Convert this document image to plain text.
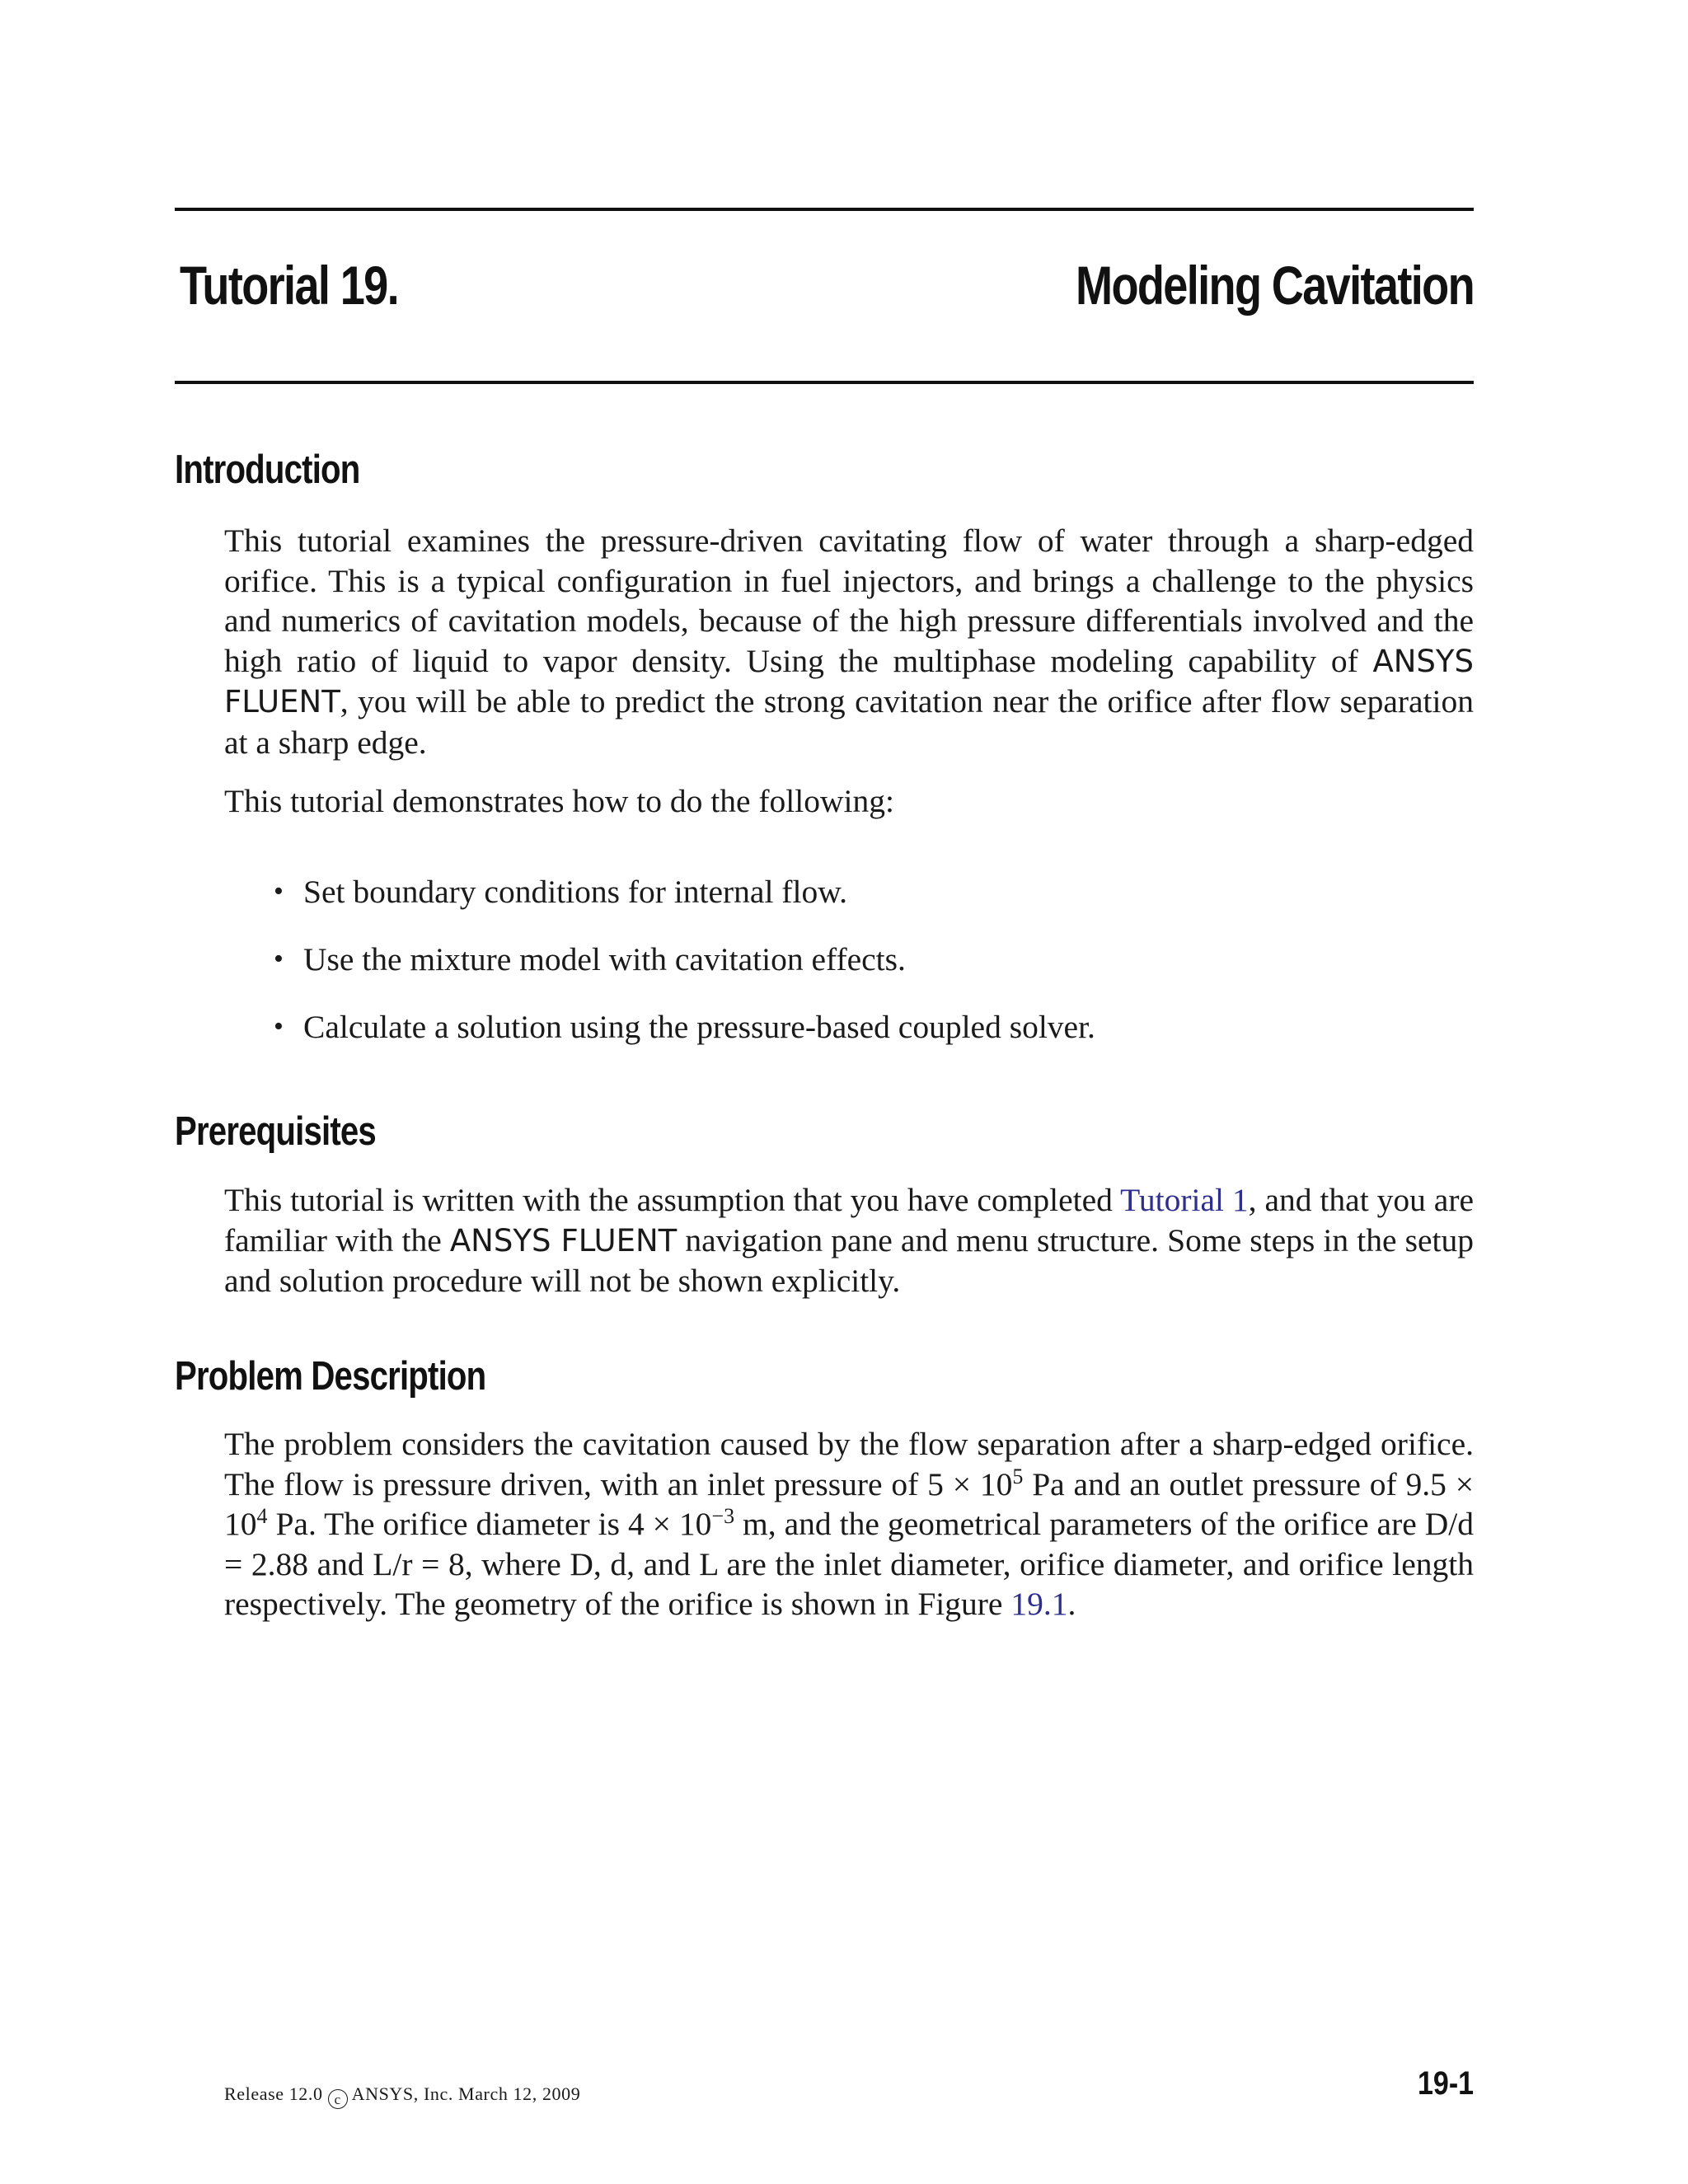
Tutorial 19.	Modeling Cavitation
Introduction

This tutorial examines the pressure-driven cavitating flow of water through a sharp-edged orifice. This is a typical configuration in fuel injectors, and brings a challenge to the physics and numerics of cavitation models, because of the high pressure differentials involved and the high ratio of liquid to vapor density. Using the multiphase modeling capability of ANSYS FLUENT, you will be able to predict the strong cavitation near the orifice after flow separation at a sharp edge.

This tutorial demonstrates how to do the following:

• Set boundary conditions for internal flow.
• Use the mixture model with cavitation effects.
• Calculate a solution using the pressure-based coupled solver.
Prerequisites

This tutorial is written with the assumption that you have completed Tutorial 1, and that you are familiar with the ANSYS FLUENT navigation pane and menu structure. Some steps in the setup and solution procedure will not be shown explicitly.

Problem Description

The problem considers the cavitation caused by the flow separation after a sharp-edged orifice. The flow is pressure driven, with an inlet pressure of $5 \times 10^5$ Pa and an outlet pressure of $9.5 \times 10^4$ Pa. The orifice diameter is $4 \times 10^{-3}$ m, and the geometrical parameters of the orifice are D/d = 2.88 and L/r = 8, where D, d, and L are the inlet diameter, orifice diameter, and orifice length respectively. The geometry of the orifice is shown in Figure 19.1.

Release 12.0 c ANSYS, Inc. March 12, 2009	19-1
